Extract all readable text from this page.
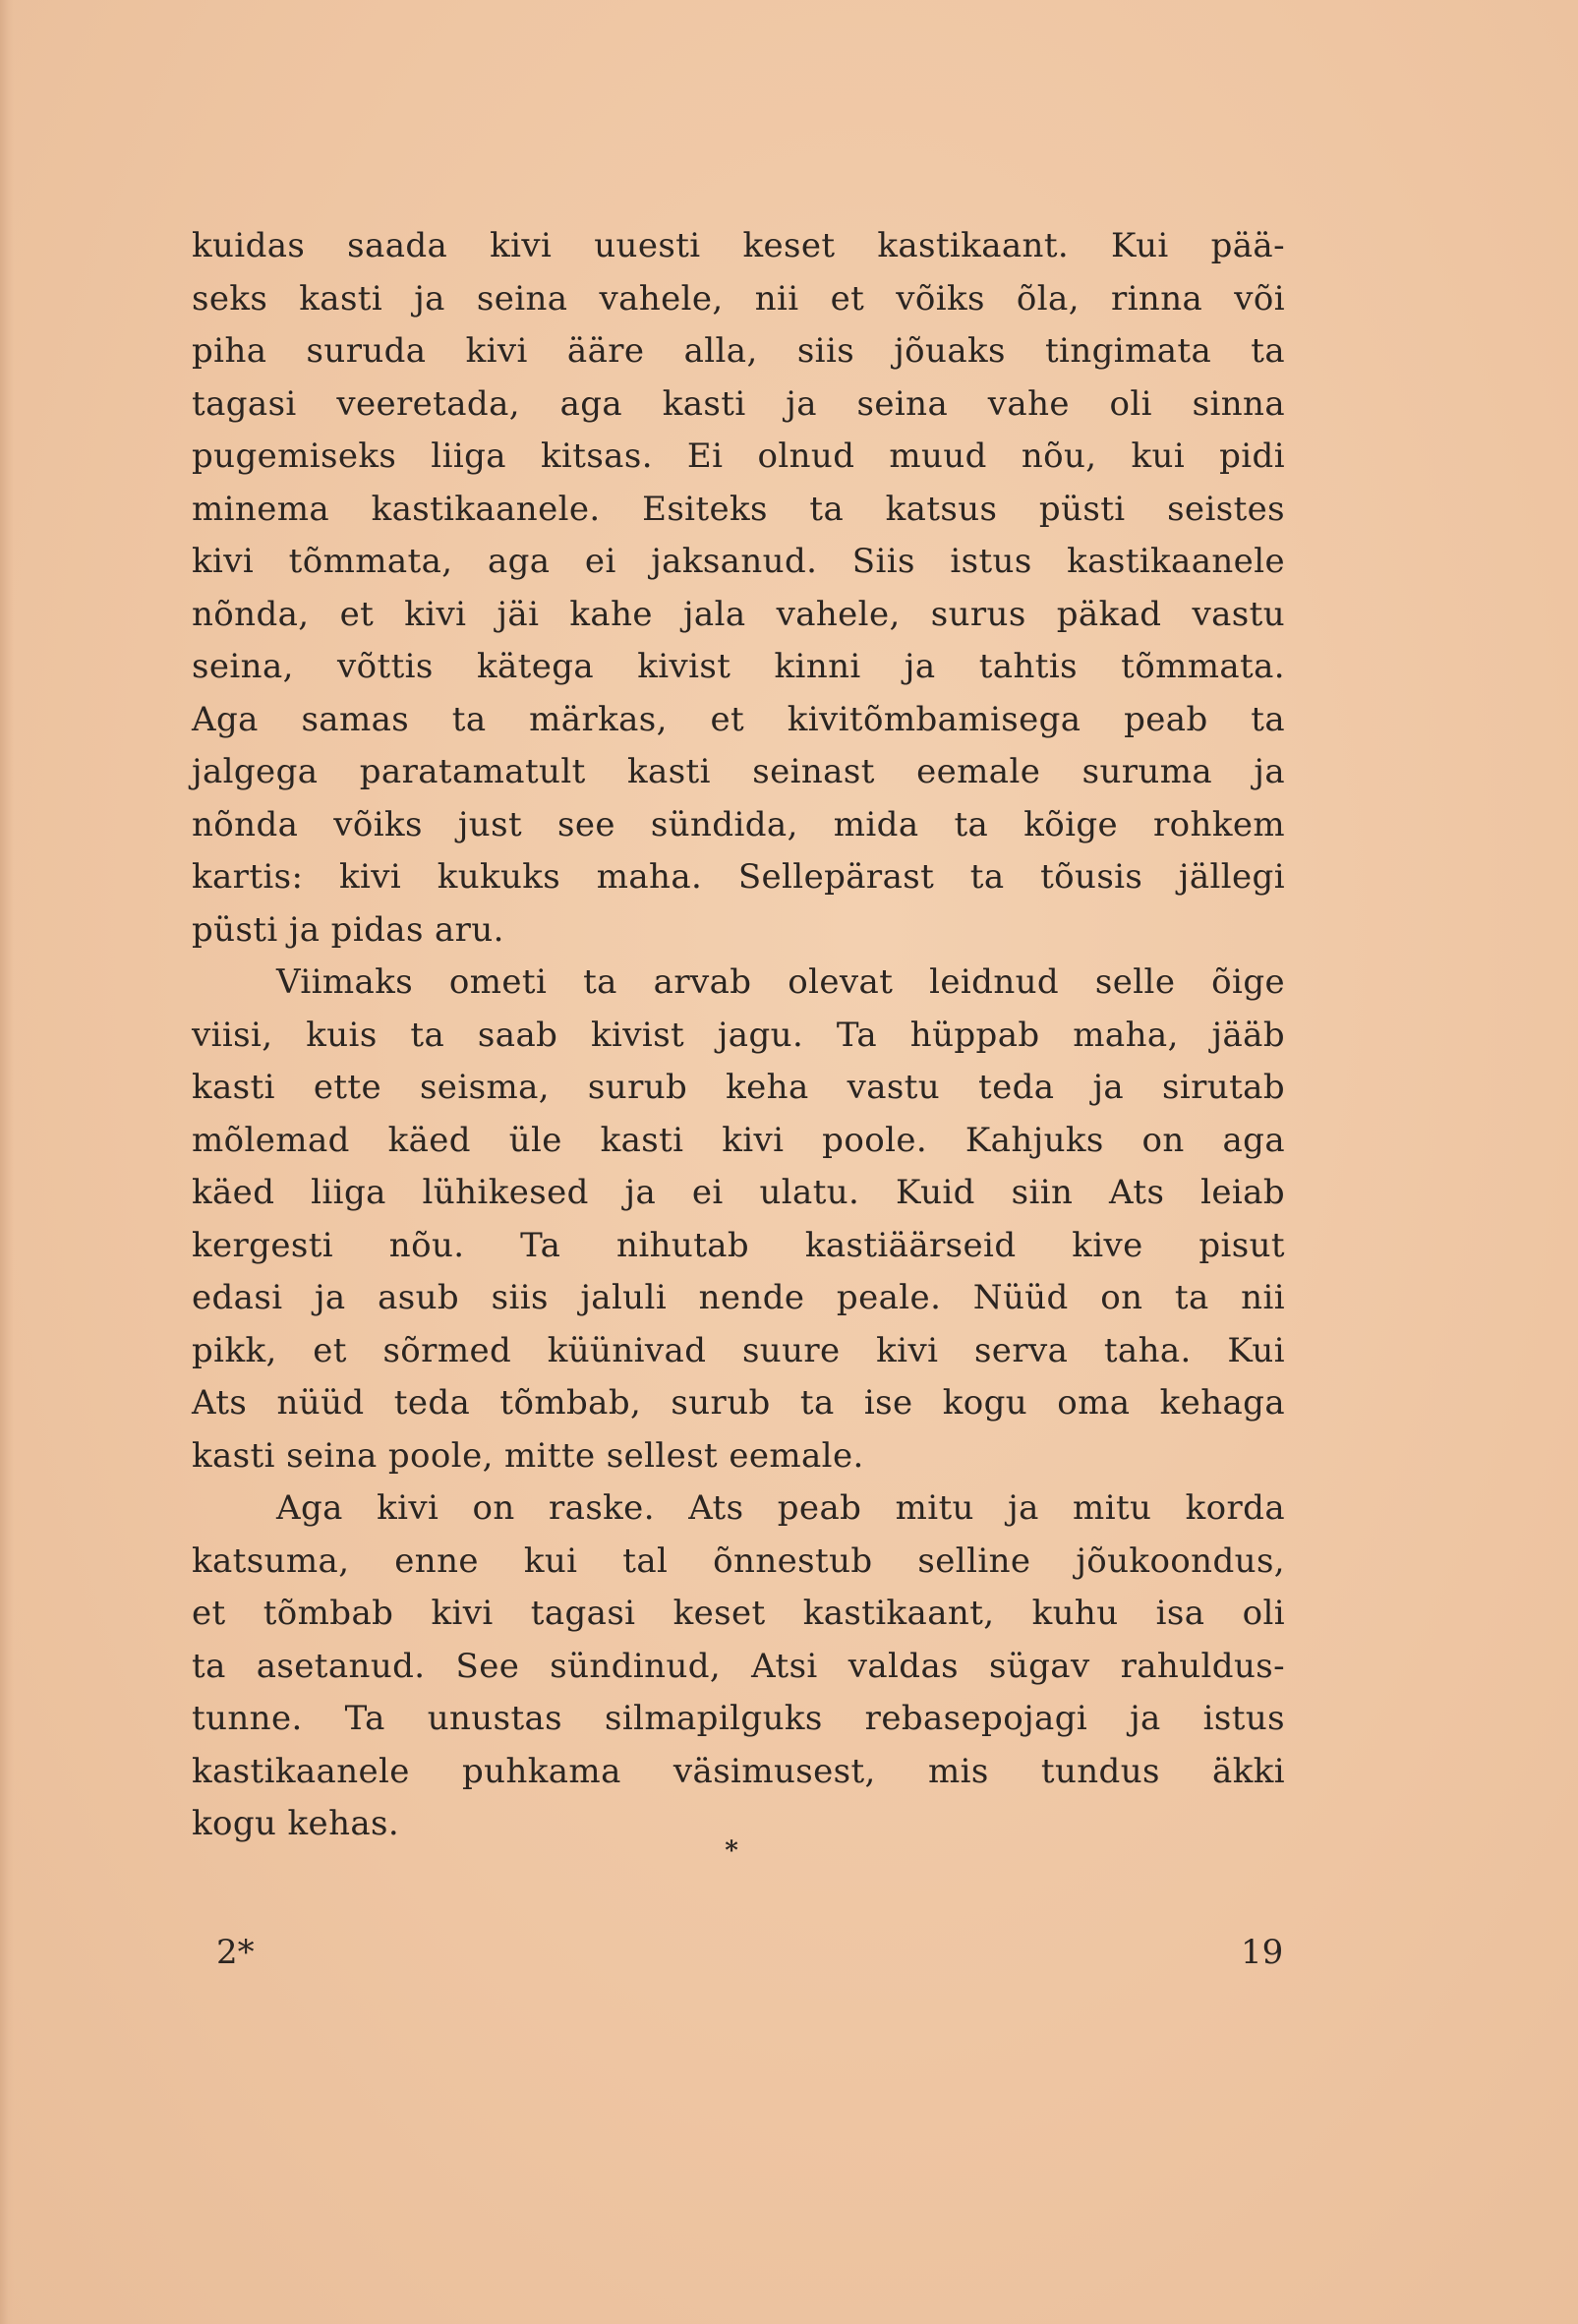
kuidas saada kivi uuesti keset kastikaant. Kui pää-
seks kasti ja seina vahele, nii et võiks õla, rinna või
piha suruda kivi ääre alla, siis jõuaks tingimata ta
tagasi veeretada, aga kasti ja seina vahe oli sinna
pugemiseks liiga kitsas. Ei olnud muud nõu, kui pidi
minema kastikaanele. Esiteks ta katsus püsti seistes
kivi tõmmata, aga ei jaksanud. Siis istus kastikaanele
nõnda, et kivi jäi kahe jala vahele, surus päkad vastu
seina, võttis kätega kivist kinni ja tahtis tõmmata.
Aga samas ta märkas, et kivitõmbamisega peab ta
jalgega paratamatult kasti seinast eemale suruma ja
nõnda võiks just see sündida, mida ta kõige rohkem
kartis: kivi kukuks maha. Sellepärast ta tõusis jällegi
püsti ja pidas aru.
Viimaks ometi ta arvab olevat leidnud selle õige
viisi, kuis ta saab kivist jagu. Ta hüppab maha, jääb
kasti ette seisma, surub keha vastu teda ja sirutab
mõlemad käed üle kasti kivi poole. Kahjuks on aga
käed liiga lühikesed ja ei ulatu. Kuid siin Ats leiab
kergesti nõu. Ta nihutab kastiäärseid kive pisut
edasi ja asub siis jaluli nende peale. Nüüd on ta nii
pikk, et sõrmed küünivad suure kivi serva taha. Kui
Ats nüüd teda tõmbab, surub ta ise kogu oma kehaga
kasti seina poole, mitte sellest eemale.
Aga kivi on raske. Ats peab mitu ja mitu korda
katsuma, enne kui tal õnnestub selline jõukoondus,
et tõmbab kivi tagasi keset kastikaant, kuhu isa oli
ta asetanud. See sündinud, Atsi valdas sügav rahuldus-
tunne. Ta unustas silmapilguks rebasepojagi ja istus
kastikaanele puhkama väsimusest, mis tundus äkki
kogu kehas.
*
2*	19
